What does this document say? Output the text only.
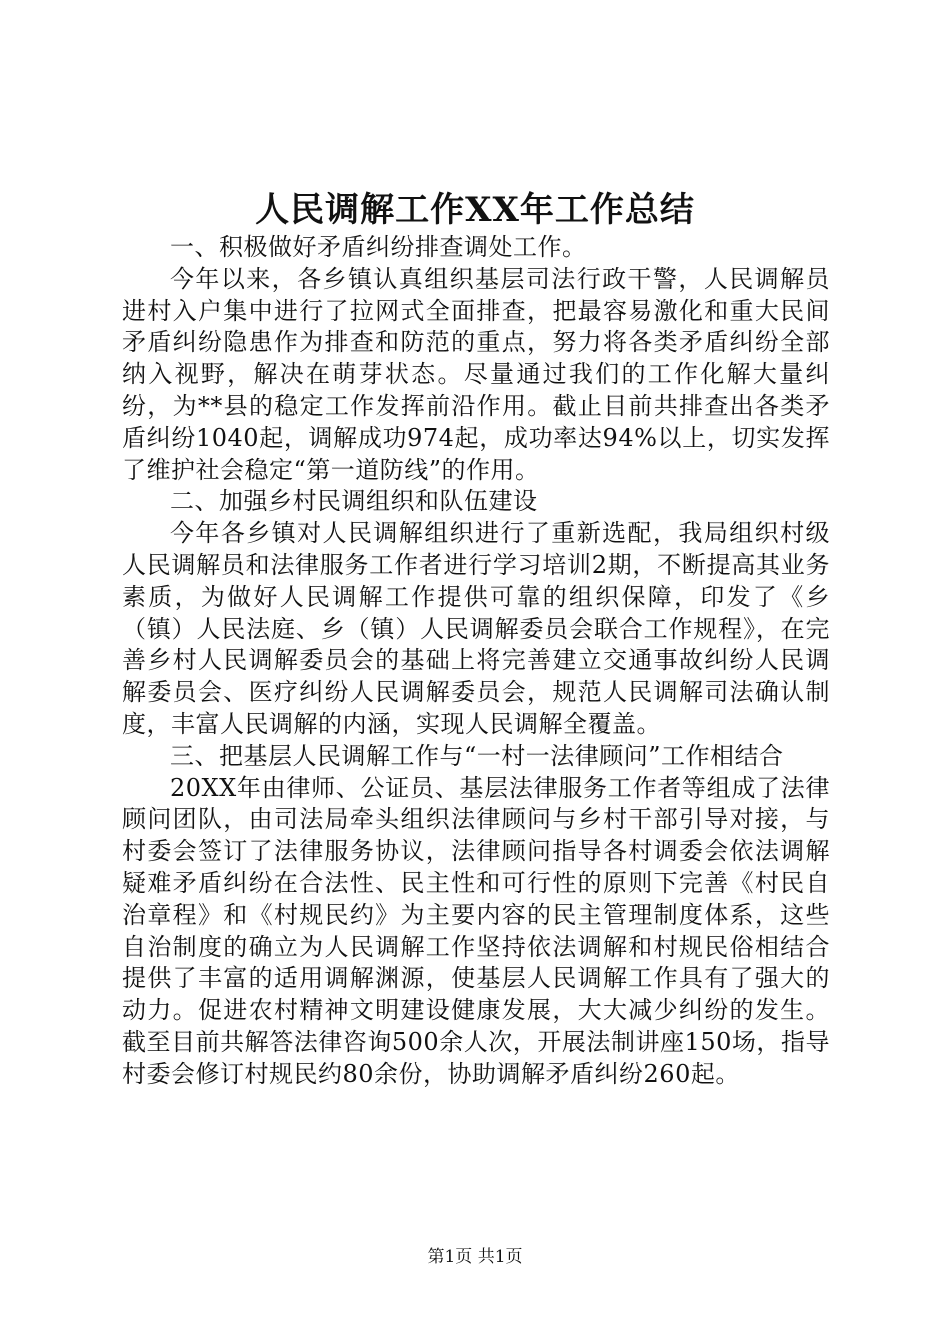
人民调解工作XX年工作总结

一、积极做好矛盾纠纷排查调处工作。

今年以来，各乡镇认真组织基层司法行政干警，人民调解员进村入户集中进行了拉网式全面排查，把最容易激化和重大民间矛盾纠纷隐患作为排查和防范的重点，努力将各类矛盾纠纷全部纳入视野，解决在萌芽状态。尽量通过我们的工作化解大量纠纷，为**县的稳定工作发挥前沿作用。截止目前共排查出各类矛盾纠纷1040起，调解成功974起，成功率达94%以上，切实发挥了维护社会稳定“第一道防线”的作用。

二、加强乡村民调组织和队伍建设

今年各乡镇对人民调解组织进行了重新选配，我局组织村级人民调解员和法律服务工作者进行学习培训2期，不断提高其业务素质，为做好人民调解工作提供可靠的组织保障，印发了《乡（镇）人民法庭、乡（镇）人民调解委员会联合工作规程》，在完善乡村人民调解委员会的基础上将完善建立交通事故纠纷人民调解委员会、医疗纠纷人民调解委员会，规范人民调解司法确认制度，丰富人民调解的内涵，实现人民调解全覆盖。

三、把基层人民调解工作与“一村一法律顾问”工作相结合

20XX年由律师、公证员、基层法律服务工作者等组成了法律顾问团队，由司法局牵头组织法律顾问与乡村干部引导对接，与村委会签订了法律服务协议，法律顾问指导各村调委会依法调解疑难矛盾纠纷在合法性、民主性和可行性的原则下完善《村民自治章程》和《村规民约》为主要内容的民主管理制度体系，这些自治制度的确立为人民调解工作坚持依法调解和村规民俗相结合提供了丰富的适用调解渊源，使基层人民调解工作具有了强大的动力。促进农村精神文明建设健康发展，大大减少纠纷的发生。截至目前共解答法律咨询500余人次，开展法制讲座150场，指导村委会修订村规民约80余份，协助调解矛盾纠纷260起。

第1页 共1页
